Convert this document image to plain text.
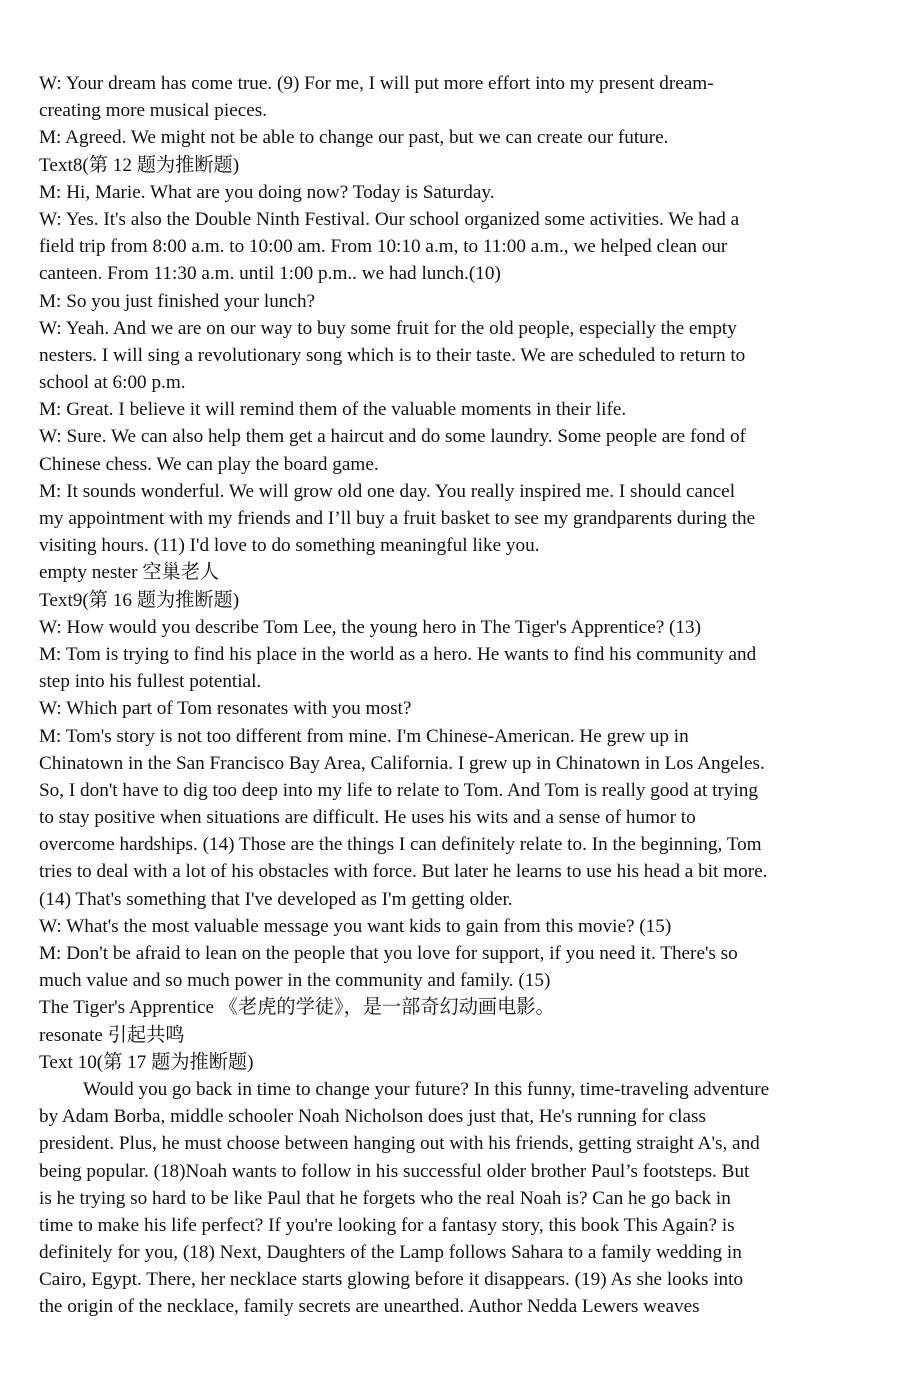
W: Your dream has come true. (9) For me, I will put more effort into my present dream-
creating more musical pieces.
M: Agreed. We might not be able to change our past, but we can create our future.
Text8(第 12 题为推断题)
M: Hi, Marie. What are you doing now? Today is Saturday.
W: Yes. It's also the Double Ninth Festival. Our school organized some activities. We had a
field trip from 8:00 a.m. to 10:00 am. From 10:10 a.m, to 11:00 a.m., we helped clean our
canteen. From 11:30 a.m. until 1:00 p.m.. we had lunch.(10)
M: So you just finished your lunch?
W: Yeah. And we are on our way to buy some fruit for the old people, especially the empty
nesters. I will sing a revolutionary song which is to their taste. We are scheduled to return to
school at 6:00 p.m.
M: Great. I believe it will remind them of the valuable moments in their life.
W: Sure. We can also help them get a haircut and do some laundry. Some people are fond of
Chinese chess. We can play the board game.
M: It sounds wonderful. We will grow old one day. You really inspired me. I should cancel
my appointment with my friends and I’ll buy a fruit basket to see my grandparents during the
visiting hours. (11) I'd love to do something meaningful like you.
empty nester 空巢老人
Text9(第 16 题为推断题)
W: How would you describe Tom Lee, the young hero in The Tiger's Apprentice? (13)
M: Tom is trying to find his place in the world as a hero. He wants to find his community and
step into his fullest potential.
W: Which part of Tom resonates with you most?
M: Tom's story is not too different from mine. I'm Chinese-American. He grew up in
Chinatown in the San Francisco Bay Area, California. I grew up in Chinatown in Los Angeles.
So, I don't have to dig too deep into my life to relate to Tom. And Tom is really good at trying
to stay positive when situations are difficult. He uses his wits and a sense of humor to
overcome hardships. (14) Those are the things I can definitely relate to. In the beginning, Tom
tries to deal with a lot of his obstacles with force. But later he learns to use his head a bit more.
(14) That's something that I've developed as I'm getting older.
W: What's the most valuable message you want kids to gain from this movie? (15)
M: Don't be afraid to lean on the people that you love for support, if you need it. There's so
much value and so much power in the community and family. (15)
The Tiger's Apprentice 《老虎的学徒》，是一部奇幻动画电影。
resonate 引起共鸣
Text 10(第 17 题为推断题)
Would you go back in time to change your future? In this funny, time-traveling adventure
by Adam Borba, middle schooler Noah Nicholson does just that, He's running for class
president. Plus, he must choose between hanging out with his friends, getting straight A's, and
being popular. (18)Noah wants to follow in his successful older brother Paul’s footsteps. But
is he trying so hard to be like Paul that he forgets who the real Noah is? Can he go back in
time to make his life perfect? If you're looking for a fantasy story, this book This Again? is
definitely for you, (18) Next, Daughters of the Lamp follows Sahara to a family wedding in
Cairo, Egypt. There, her necklace starts glowing before it disappears. (19) As she looks into
the origin of the necklace, family secrets are unearthed. Author Nedda Lewers weaves
